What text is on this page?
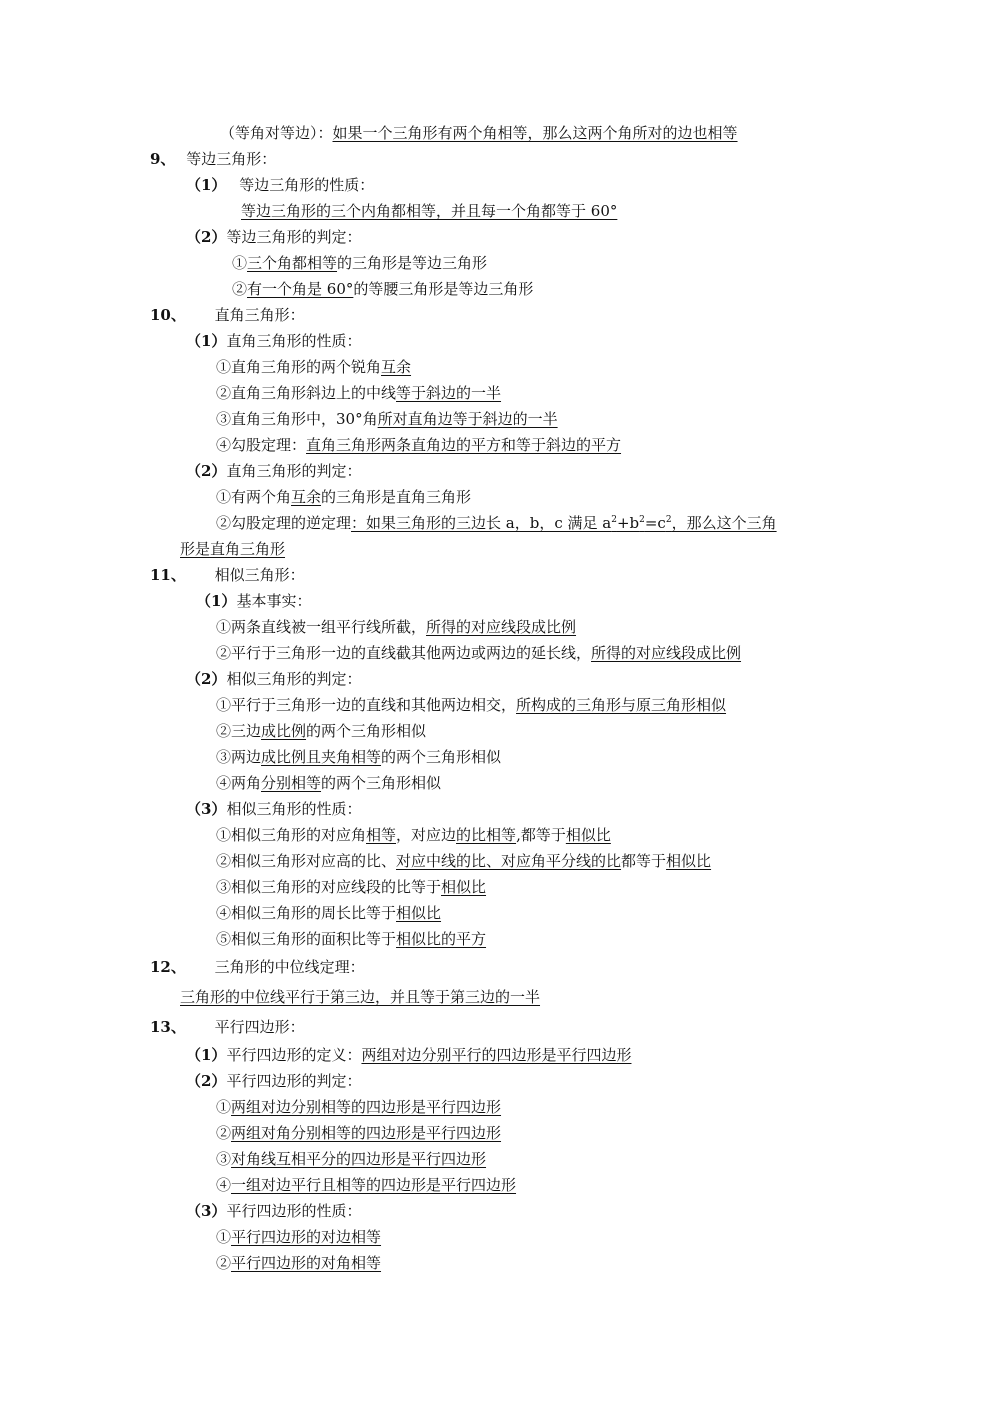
（等角对等边）：如果一个三角形有两个角相等，那么这两个角所对的边也相等
9、 等边三角形：
（1） 等边三角形的性质：
等边三角形的三个内角都相等，并且每一个角都等于 60°
（2）等边三角形的判定：
①三个角都相等的三角形是等边三角形
②有一个角是 60°的等腰三角形是等边三角形
10、 直角三角形：
（1）直角三角形的性质：
①直角三角形的两个锐角互余
②直角三角形斜边上的中线等于斜边的一半
③直角三角形中，30°角所对直角边等于斜边的一半
④勾股定理：直角三角形两条直角边的平方和等于斜边的平方
（2）直角三角形的判定：
①有两个角互余的三角形是直角三角形
②勾股定理的逆定理：如果三角形的三边长 a，b，c 满足 $a^2+b^2=c^2$，那么这个三角
形是直角三角形
11、 相似三角形：
（1）基本事实：
①两条直线被一组平行线所截，所得的对应线段成比例
②平行于三角形一边的直线截其他两边或两边的延长线，所得的对应线段成比例
（2）相似三角形的判定：
①平行于三角形一边的直线和其他两边相交，所构成的三角形与原三角形相似
②三边成比例的两个三角形相似
③两边成比例且夹角相等的两个三角形相似
④两角分别相等的两个三角形相似
（3）相似三角形的性质：
①相似三角形的对应角相等，对应边的比相等,都等于相似比
②相似三角形对应高的比、对应中线的比、对应角平分线的比都等于相似比
③相似三角形的对应线段的比等于相似比
④相似三角形的周长比等于相似比
⑤相似三角形的面积比等于相似比的平方
12、 三角形的中位线定理：
三角形的中位线平行于第三边，并且等于第三边的一半
13、 平行四边形：
（1）平行四边形的定义：两组对边分别平行的四边形是平行四边形
（2）平行四边形的判定：
①两组对边分别相等的四边形是平行四边形
②两组对角分别相等的四边形是平行四边形
③对角线互相平分的四边形是平行四边形
④一组对边平行且相等的四边形是平行四边形
（3）平行四边形的性质：
①平行四边形的对边相等
②平行四边形的对角相等
